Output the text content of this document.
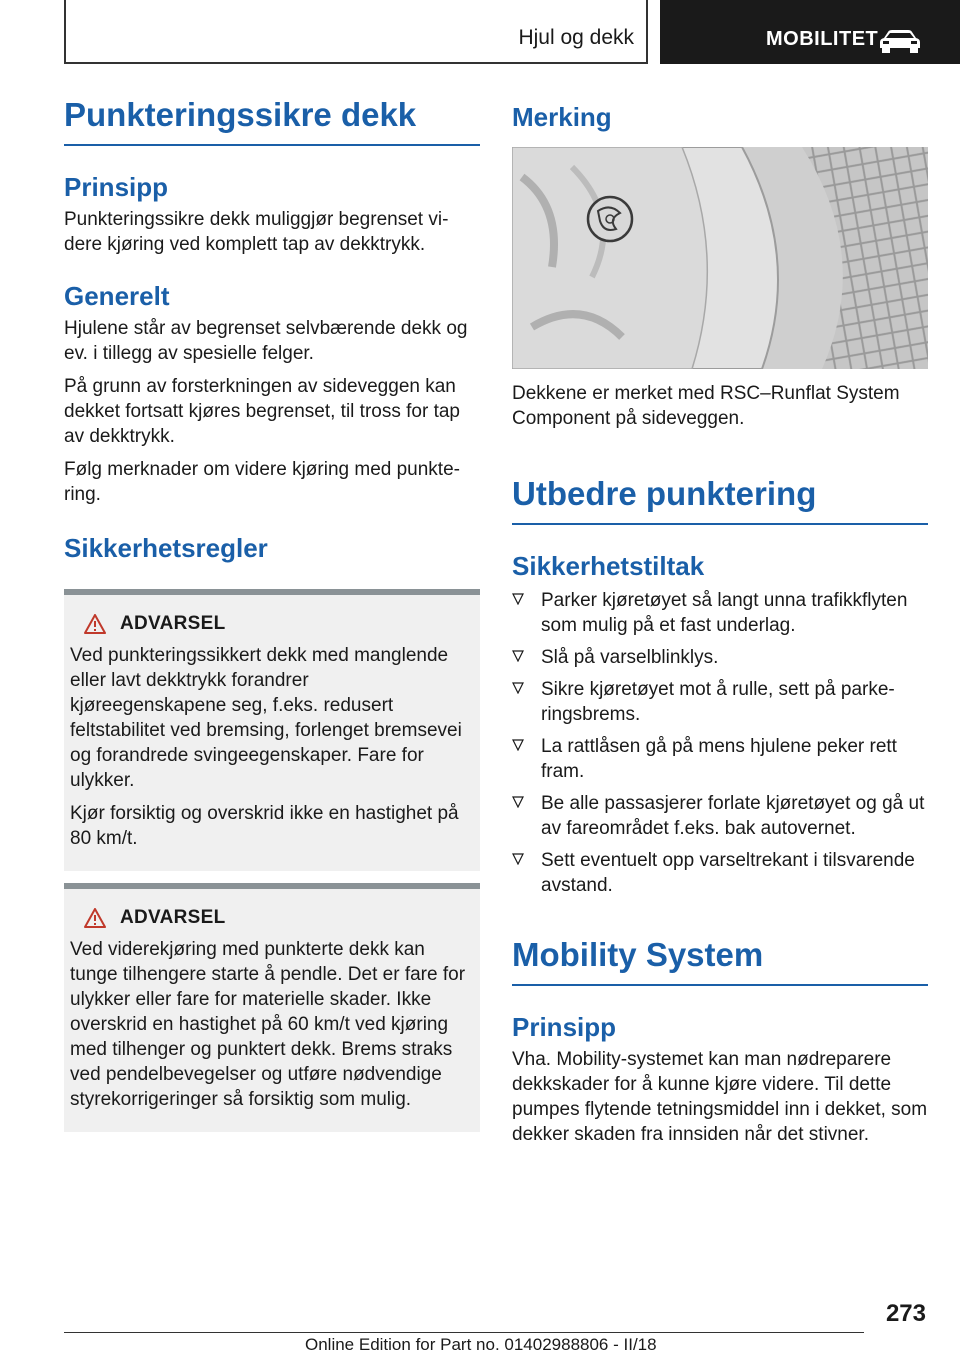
Hjul og dekk	MOBILITET
Punkteringssikre dekk
Prinsipp

Punkteringssikre dekk muliggjør begrenset videre kjøring ved komplett tap av dekktrykk.

Generelt

Hjulene står av begrenset selvbærende dekk og ev. i tillegg av spesielle felger.

På grunn av forsterkningen av sideveggen kan dekket fortsatt kjøres begrenset, til tross for tap av dekktrykk.

Følg merknader om videre kjøring med punktering.

Sikkerhetsregler
ADVARSEL

Ved punkteringssikkert dekk med manglende eller lavt dekktrykk forandrer kjøreegenskapene seg, f.eks. redusert feltstabilitet ved bremsing, forlenget bremsevei og forandrede svingeegenskaper. Fare for ulykker.

Kjør forsiktig og overskrid ikke en hastighet på 80 km/t.

ADVARSEL

Ved viderekjøring med punkterte dekk kan tunge tilhengere starte å pendle. Det er fare for ulykker eller fare for materielle skader. Ikke overskrid en hastighet på 60 km/t ved kjøring med tilhenger og punktert dekk. Brems straks ved pendelbevegelser og utføre nødvendige styrekorrigeringer så forsiktig som mulig.

Merking

Dekkene er merket med RSC–Runflat System Component på sideveggen.

Utbedre punktering
Sikkerhetstiltak
Parker kjøretøyet så langt unna trafikkflyten som mulig på et fast underlag.
Slå på varselblinklys.
Sikre kjøretøyet mot å rulle, sett på parkeringsbrems.
La rattlåsen gå på mens hjulene peker rett fram.
Be alle passasjerer forlate kjøretøyet og gå ut av fareområdet f.eks. bak autovernet.
Sett eventuelt opp varseltrekant i tilsvarende avstand.
Mobility System
Prinsipp

Vha. Mobility-systemet kan man nødreparere dekkskader for å kunne kjøre videre. Til dette pumpes flytende tetningsmiddel inn i dekket, som dekker skaden fra innsiden når det stivner.

273
Online Edition for Part no. 01402988806 - II/18
